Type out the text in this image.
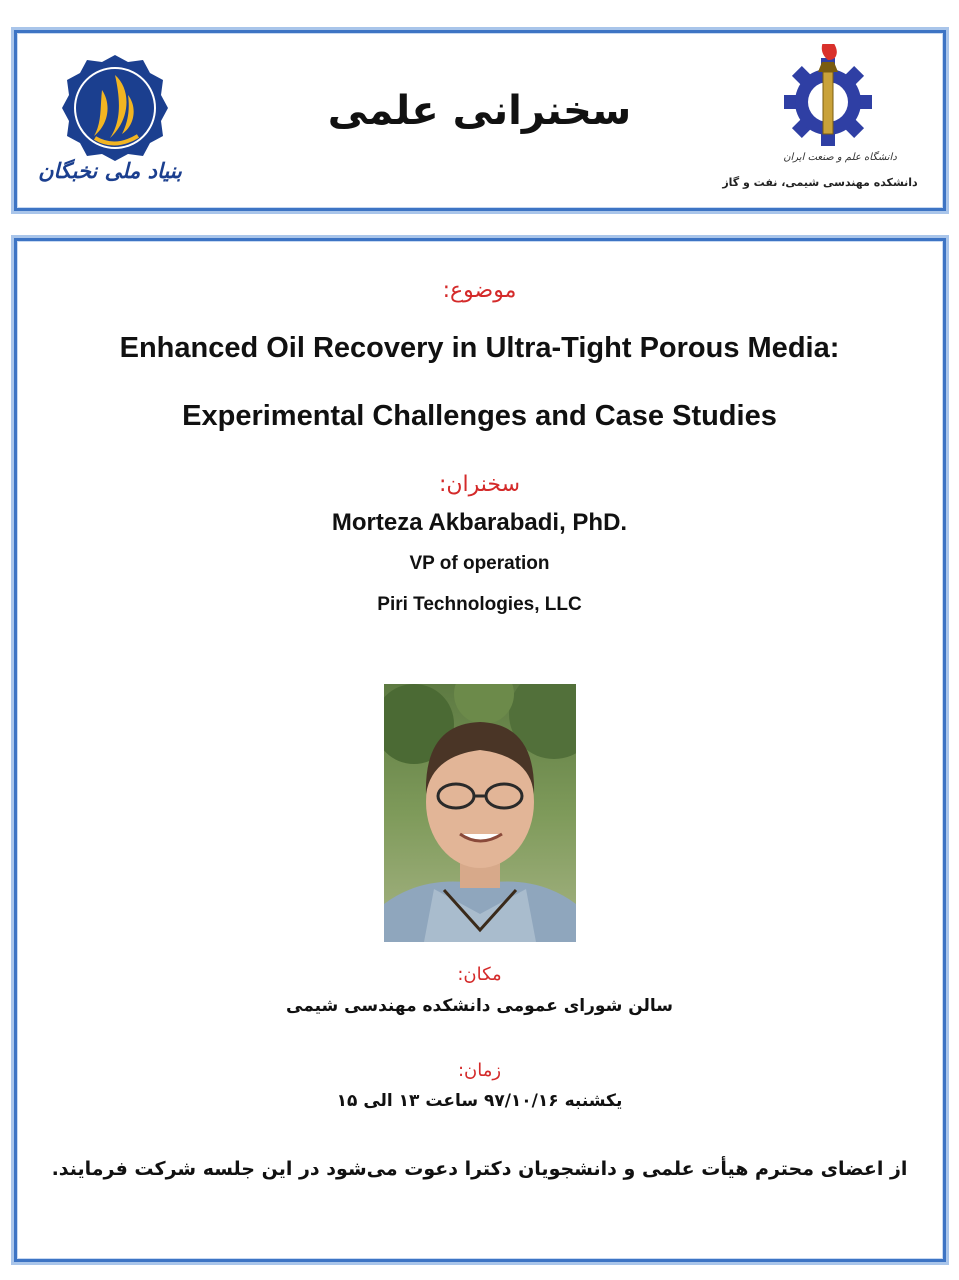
بنیاد ملی نخبگان
سخنرانی علمی
دانشگاه علم و صنعت ایران
دانشکده مهندسی شیمی، نفت و گاز
موضوع:
Enhanced Oil Recovery in Ultra-Tight Porous Media:
Experimental Challenges and Case Studies
سخنران:
Morteza Akbarabadi, PhD.
VP of operation
Piri Technologies, LLC
مکان:
سالن شورای عمومی دانشکده مهندسی شیمی
زمان:
یکشنبه ۹۷/۱۰/۱۶ ساعت ۱۳ الی ۱۵
از اعضای محترم هیأت علمی و دانشجویان دکترا دعوت می‌شود در این جلسه شرکت فرمایند.
